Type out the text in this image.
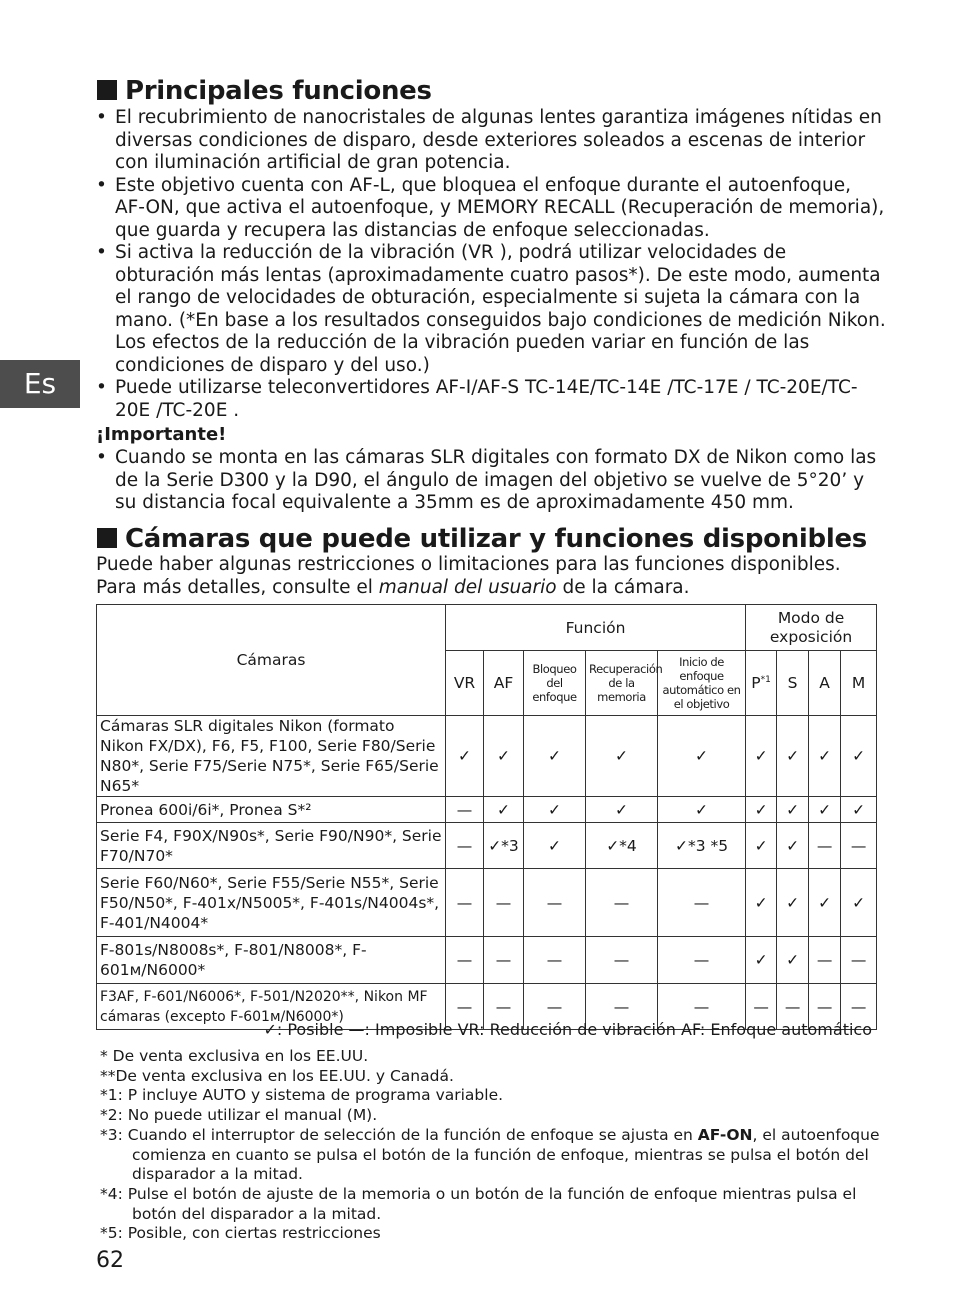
Es
Principales funciones
• El recubrimiento de nanocristales de algunas lentes garantiza imágenes nítidas en diversas condiciones de disparo, desde exteriores soleados a escenas de interior con iluminación artificial de gran potencia.
• Este objetivo cuenta con AF-L, que bloquea el enfoque durante el autoenfoque, AF-ON, que activa el autoenfoque, y MEMORY RECALL (Recuperación de memoria), que guarda y recupera las distancias de enfoque seleccionadas.
• Si activa la reducción de la vibración (VR ), podrá utilizar velocidades de obturación más lentas (aproximadamente cuatro pasos*). De este modo, aumenta el rango de velocidades de obturación, especialmente si sujeta la cámara con la mano. (*En base a los resultados conseguidos bajo condiciones de medición Nikon. Los efectos de la reducción de la vibración pueden variar en función de las condiciones de disparo y del uso.)
• Puede utilizarse teleconvertidores AF-I/AF-S TC-14E/TC-14E /TC-17E / TC-20E/TC-20E /TC-20E .
¡Importante!
• Cuando se monta en las cámaras SLR digitales con formato DX de Nikon como las de la Serie D300 y la D90, el ángulo de imagen del objetivo se vuelve de 5°20’ y su distancia focal equivalente a 35mm es de aproximadamente 450 mm.
Cámaras que puede utilizar y funciones disponibles
Puede haber algunas restricciones o limitaciones para las funciones disponibles.
Para más detalles, consulte el manual del usuario de la cámara.
Cámaras	Función					Modo de exposición			
	VR	AF	Bloqueo del enfoque	Recuperación de la memoria	Inicio de enfoque automático en el objetivo	$P^{*1}$	S	A	M
Cámaras SLR digitales Nikon (formato Nikon FX/DX), F6, F5, F100, Serie F80/Serie N80*, Serie F75/Serie N75*, Serie F65/Serie N65*	✓	✓	✓	✓	✓	✓	✓	✓	✓
Pronea 600i/6i*, Pronea S*²	—	✓	✓	✓	✓	✓	✓	✓	✓
Serie F4, F90X/N90s*, Serie F90/N90*, Serie F70/N70*	—	✓*3	✓	✓*4	✓*3 *5	✓	✓	—	—
Serie F60/N60*, Serie F55/Serie N55*, Serie F50/N50*, F-401x/N5005*, F-401s/N4004s*, F-401/N4004*	—	—	—	—	—	✓	✓	✓	✓
F-801s/N8008s*, F-801/N8008*, F-601м/N6000*	—	—	—	—	—	✓	✓	—	—
F3AF, F-601/N6006*, F-501/N2020**, Nikon MF cámaras (excepto F-601м/N6000*)	—	—	—	—	—	—	—	—	—
✓: Posible —: Imposible VR: Reducción de vibración AF: Enfoque automático
* De venta exclusiva en los EE.UU.
**De venta exclusiva en los EE.UU. y Canadá.
*1: P incluye AUTO y sistema de programa variable.
*2: No puede utilizar el manual (M).
*3: Cuando el interruptor de selección de la función de enfoque se ajusta en AF-ON, el autoenfoque comienza en cuanto se pulsa el botón de la función de enfoque, mientras se pulsa el botón del disparador a la mitad.
*4: Pulse el botón de ajuste de la memoria o un botón de la función de enfoque mientras pulsa el botón del disparador a la mitad.
*5: Posible, con ciertas restricciones
62
